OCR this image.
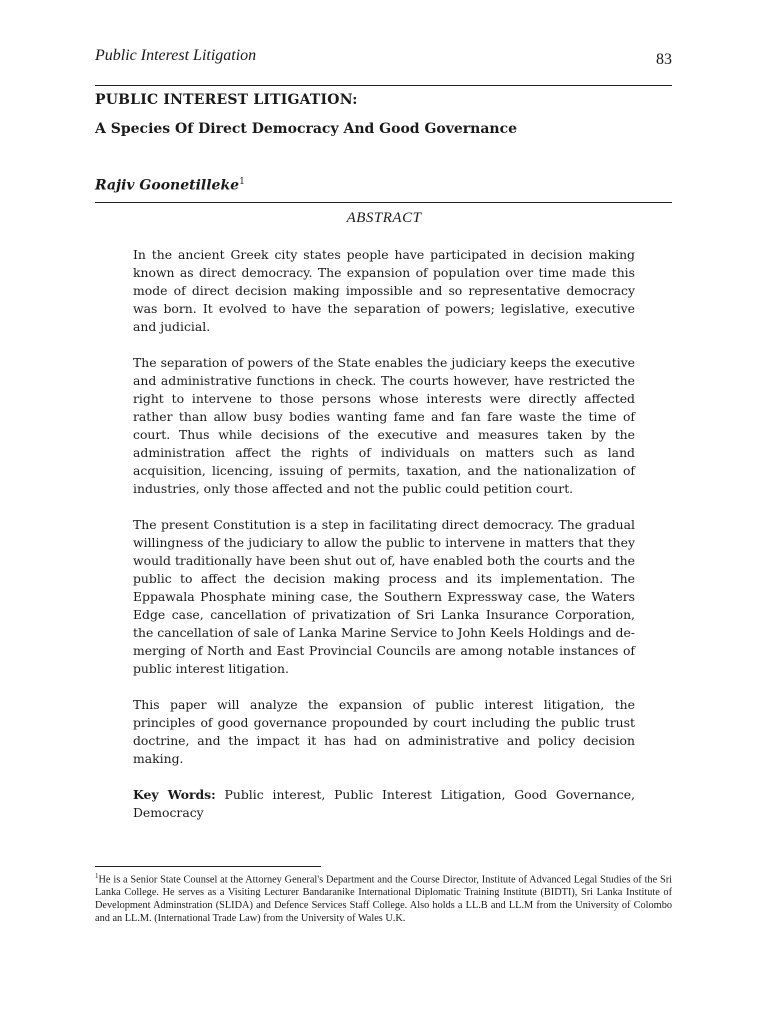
Public Interest Litigation	83
PUBLIC INTEREST LITIGATION:
A Species Of Direct Democracy And Good Governance
Rajiv Goonetilleke$^1$
ABSTRACT

In the ancient Greek city states people have participated in decision making known as direct democracy. The expansion of population over time made this mode of direct decision making impossible and so representative democracy was born. It evolved to have the separation of powers; legislative, executive and judicial.

The separation of powers of the State enables the judiciary keeps the executive and administrative functions in check. The courts however, have restricted the right to intervene to those persons whose interests were directly affected rather than allow busy bodies wanting fame and fan fare waste the time of court. Thus while decisions of the executive and measures taken by the administration affect the rights of individuals on matters such as land acquisition, licencing, issuing of permits, taxation, and the nationalization of industries, only those affected and not the public could petition court.

The present Constitution is a step in facilitating direct democracy. The gradual willingness of the judiciary to allow the public to intervene in matters that they would traditionally have been shut out of, have enabled both the courts and the public to affect the decision making process and its implementation. The Eppawala Phosphate mining case, the Southern Expressway case, the Waters Edge case, cancellation of privatization of Sri Lanka Insurance Corporation, the cancellation of sale of Lanka Marine Service to John Keels Holdings and de-merging of North and East Provincial Councils are among notable instances of public interest litigation.

This paper will analyze the expansion of public interest litigation, the principles of good governance propounded by court including the public trust doctrine, and the impact it has had on administrative and policy decision making.

Key Words: Public interest, Public Interest Litigation, Good Governance, Democracy

$^1$He is a Senior State Counsel at the Attorney General's Department and the Course Director, Institute of Advanced Legal Studies of the Sri Lanka College. He serves as a Visiting Lecturer Bandaranike International Diplomatic Training Institute (BIDTI), Sri Lanka Institute of Development Adminstration (SLIDA) and Defence Services Staff College. Also holds a LL.B and LL.M from the University of Colombo and an LL.M. (International Trade Law) from the University of Wales U.K.
